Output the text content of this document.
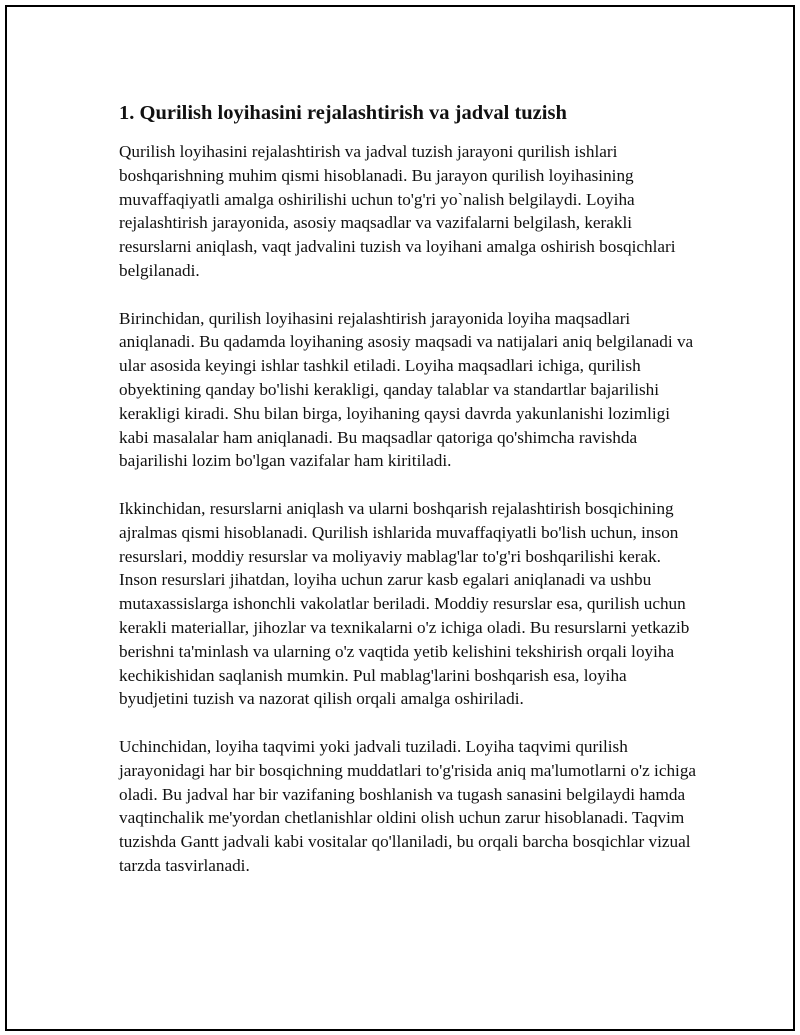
1. Qurilish loyihasini rejalashtirish va jadval tuzish

Qurilish loyihasini rejalashtirish va jadval tuzish jarayoni qurilish ishlari boshqarishning muhim qismi hisoblanadi. Bu jarayon qurilish loyihasining muvaffaqiyatli amalga oshirilishi uchun to'g'ri yo`nalish belgilaydi. Loyiha rejalashtirish jarayonida, asosiy maqsadlar va vazifalarni belgilash, kerakli resurslarni aniqlash, vaqt jadvalini tuzish va loyihani amalga oshirish bosqichlari belgilanadi.

Birinchidan, qurilish loyihasini rejalashtirish jarayonida loyiha maqsadlari aniqlanadi. Bu qadamda loyihaning asosiy maqsadi va natijalari aniq belgilanadi va ular asosida keyingi ishlar tashkil etiladi. Loyiha maqsadlari ichiga, qurilish obyektining qanday bo'lishi kerakligi, qanday talablar va standartlar bajarilishi kerakligi kiradi. Shu bilan birga, loyihaning qaysi davrda yakunlanishi lozimligi kabi masalalar ham aniqlanadi. Bu maqsadlar qatoriga qo'shimcha ravishda bajarilishi lozim bo'lgan vazifalar ham kiritiladi.

Ikkinchidan, resurslarni aniqlash va ularni boshqarish rejalashtirish bosqichining ajralmas qismi hisoblanadi. Qurilish ishlarida muvaffaqiyatli bo'lish uchun, inson resurslari, moddiy resurslar va moliyaviy mablag'lar to'g'ri boshqarilishi kerak. Inson resurslari jihatdan, loyiha uchun zarur kasb egalari aniqlanadi va ushbu mutaxassislarga ishonchli vakolatlar beriladi. Moddiy resurslar esa, qurilish uchun kerakli materiallar, jihozlar va texnikalarni o'z ichiga oladi. Bu resurslarni yetkazib berishni ta'minlash va ularning o'z vaqtida yetib kelishini tekshirish orqali loyiha kechikishidan saqlanish mumkin. Pul mablag'larini boshqarish esa, loyiha byudjetini tuzish va nazorat qilish orqali amalga oshiriladi.

Uchinchidan, loyiha taqvimi yoki jadvali tuziladi. Loyiha taqvimi qurilish jarayonidagi har bir bosqichning muddatlari to'g'risida aniq ma'lumotlarni o'z ichiga oladi. Bu jadval har bir vazifaning boshlanish va tugash sanasini belgilaydi hamda vaqtinchalik me'yordan chetlanishlar oldini olish uchun zarur hisoblanadi. Taqvim tuzishda Gantt jadvali kabi vositalar qo'llaniladi, bu orqali barcha bosqichlar vizual tarzda tasvirlanadi.
